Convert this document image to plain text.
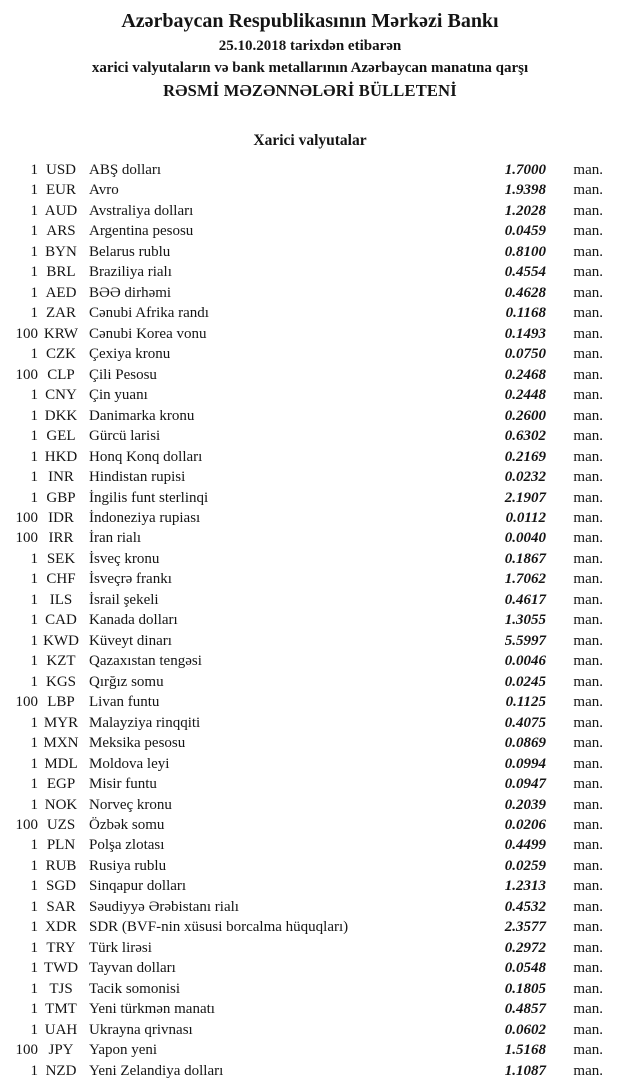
Azərbaycan Respublikasının Mərkəzi Bankı
25.10.2018 tarixdən etibarən
xarici valyutaların və bank metallarının Azərbaycan manatına qarşı
RƏSMİ MƏZƏNNƏLƏRİ BÜLLETENİ
Xarici valyutalar
1 USD ABŞ dolları	1.7000	man.
1 EUR Avro	1.9398	man.
1 AUD Avstraliya dolları	1.2028	man.
1 ARS Argentina pesosu	0.0459	man.
1 BYN Belarus rublu	0.8100	man.
1 BRL Braziliya rialı	0.4554	man.
1 AED BƏƏ dirhəmi	0.4628	man.
1 ZAR Cənubi Afrika randı	0.1168	man.
100 KRW Cənubi Korea vonu	0.1493	man.
1 CZK Çexiya kronu	0.0750	man.
100 CLP Çili Pesosu	0.2468	man.
1 CNY Çin yuanı	0.2448	man.
1 DKK Danimarka kronu	0.2600	man.
1 GEL Gürcü larisi	0.6302	man.
1 HKD Honq Konq dolları	0.2169	man.
1 INR	Hindistan rupisi	0.0232	man.
1 GBP İngilis funt sterlinqi	2.1907	man.
100 IDR	İndoneziya rupiası	0.0112	man.
100 IRR	İran rialı	0.0040	man.
1 SEK İsveç kronu	0.1867	man.
1 CHF İsveçrə frankı	1.7062	man.
1 ILS	İsrail şekeli	0.4617	man.
1 CAD Kanada dolları	1.3055	man.
1 KWD Küveyt dinarı	5.5997	man.
1 KZT Qazaxıstan tengəsi	0.0046	man.
1 KGS Qırğız somu	0.0245	man.
100 LBP Livan funtu	0.1125	man.
1 MYR Malayziya rinqqiti	0.4075	man.
1 MXN Meksika pesosu	0.0869	man.
1 MDL Moldova leyi	0.0994	man.
1 EGP Misir funtu	0.0947	man.
1 NOK Norveç kronu	0.2039	man.
100 UZS Özbək somu	0.0206	man.
1 PLN Polşa zlotası	0.4499	man.
1 RUB Rusiya rublu	0.0259	man.
1 SGD Sinqapur dolları	1.2313	man.
1 SAR Səudiyyə Ərəbistanı rialı	0.4532	man.
1 XDR SDR (BVF-nin xüsusi borcalma hüquqları)	2.3577	man.
1 TRY Türk lirəsi	0.2972	man.
1 TWD Tayvan dolları	0.0548	man.
1 TJS	Tacik somonisi	0.1805	man.
1 TMT Yeni türkmən manatı	0.4857	man.
1 UAH Ukrayna qrivnası	0.0602	man.
100 JPY	Yapon yeni	1.5168	man.
1 NZD Yeni Zelandiya dolları	1.1087	man.
